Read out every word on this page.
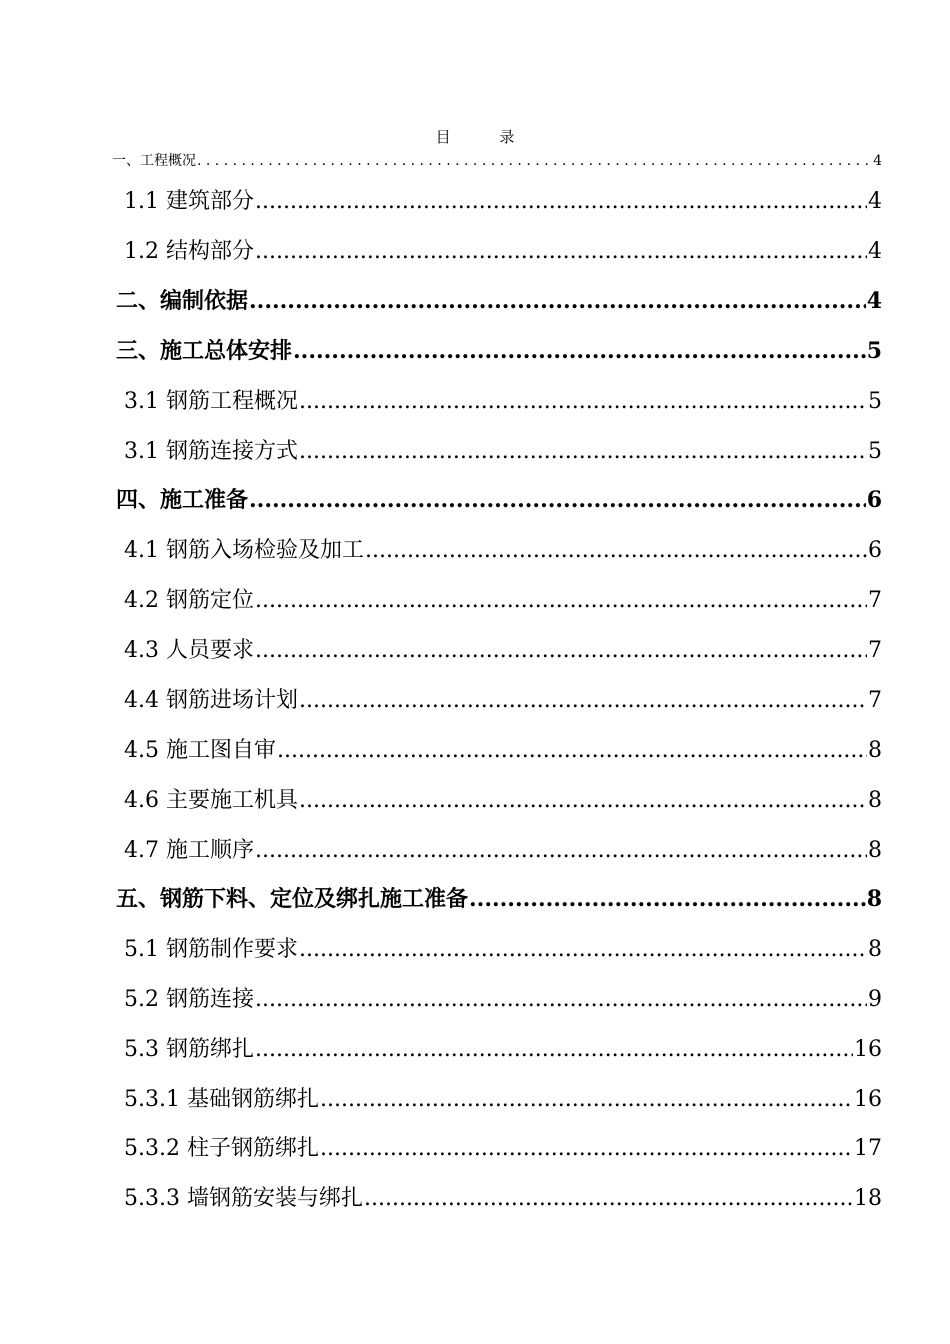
目 录
一、工程概况 . . .	4
1.1 建筑部分 .....	4
1.2 结构部分 .....	4
二、编制依据 .....	4
三、施工总体安排 .....	5
3.1 钢筋工程概况 .....	5
3.1 钢筋连接方式 .....	5
四、施工准备 .....	6
4.1 钢筋入场检验及加工 .....	6
4.2 钢筋定位 .....	7
4.3 人员要求 .....	7
4.4 钢筋进场计划 .....	7
4.5 施工图自审 .....	8
4.6 主要施工机具 .....	8
4.7 施工顺序 .....	8
五、钢筋下料、定位及绑扎施工准备 .....	8
5.1 钢筋制作要求 .....	8
5.2 钢筋连接 .....	9
5.3 钢筋绑扎 .....	16
5.3.1 基础钢筋绑扎 .....	16
5.3.2 柱子钢筋绑扎 .....	17
5.3.3 墙钢筋安装与绑扎 .....	18
